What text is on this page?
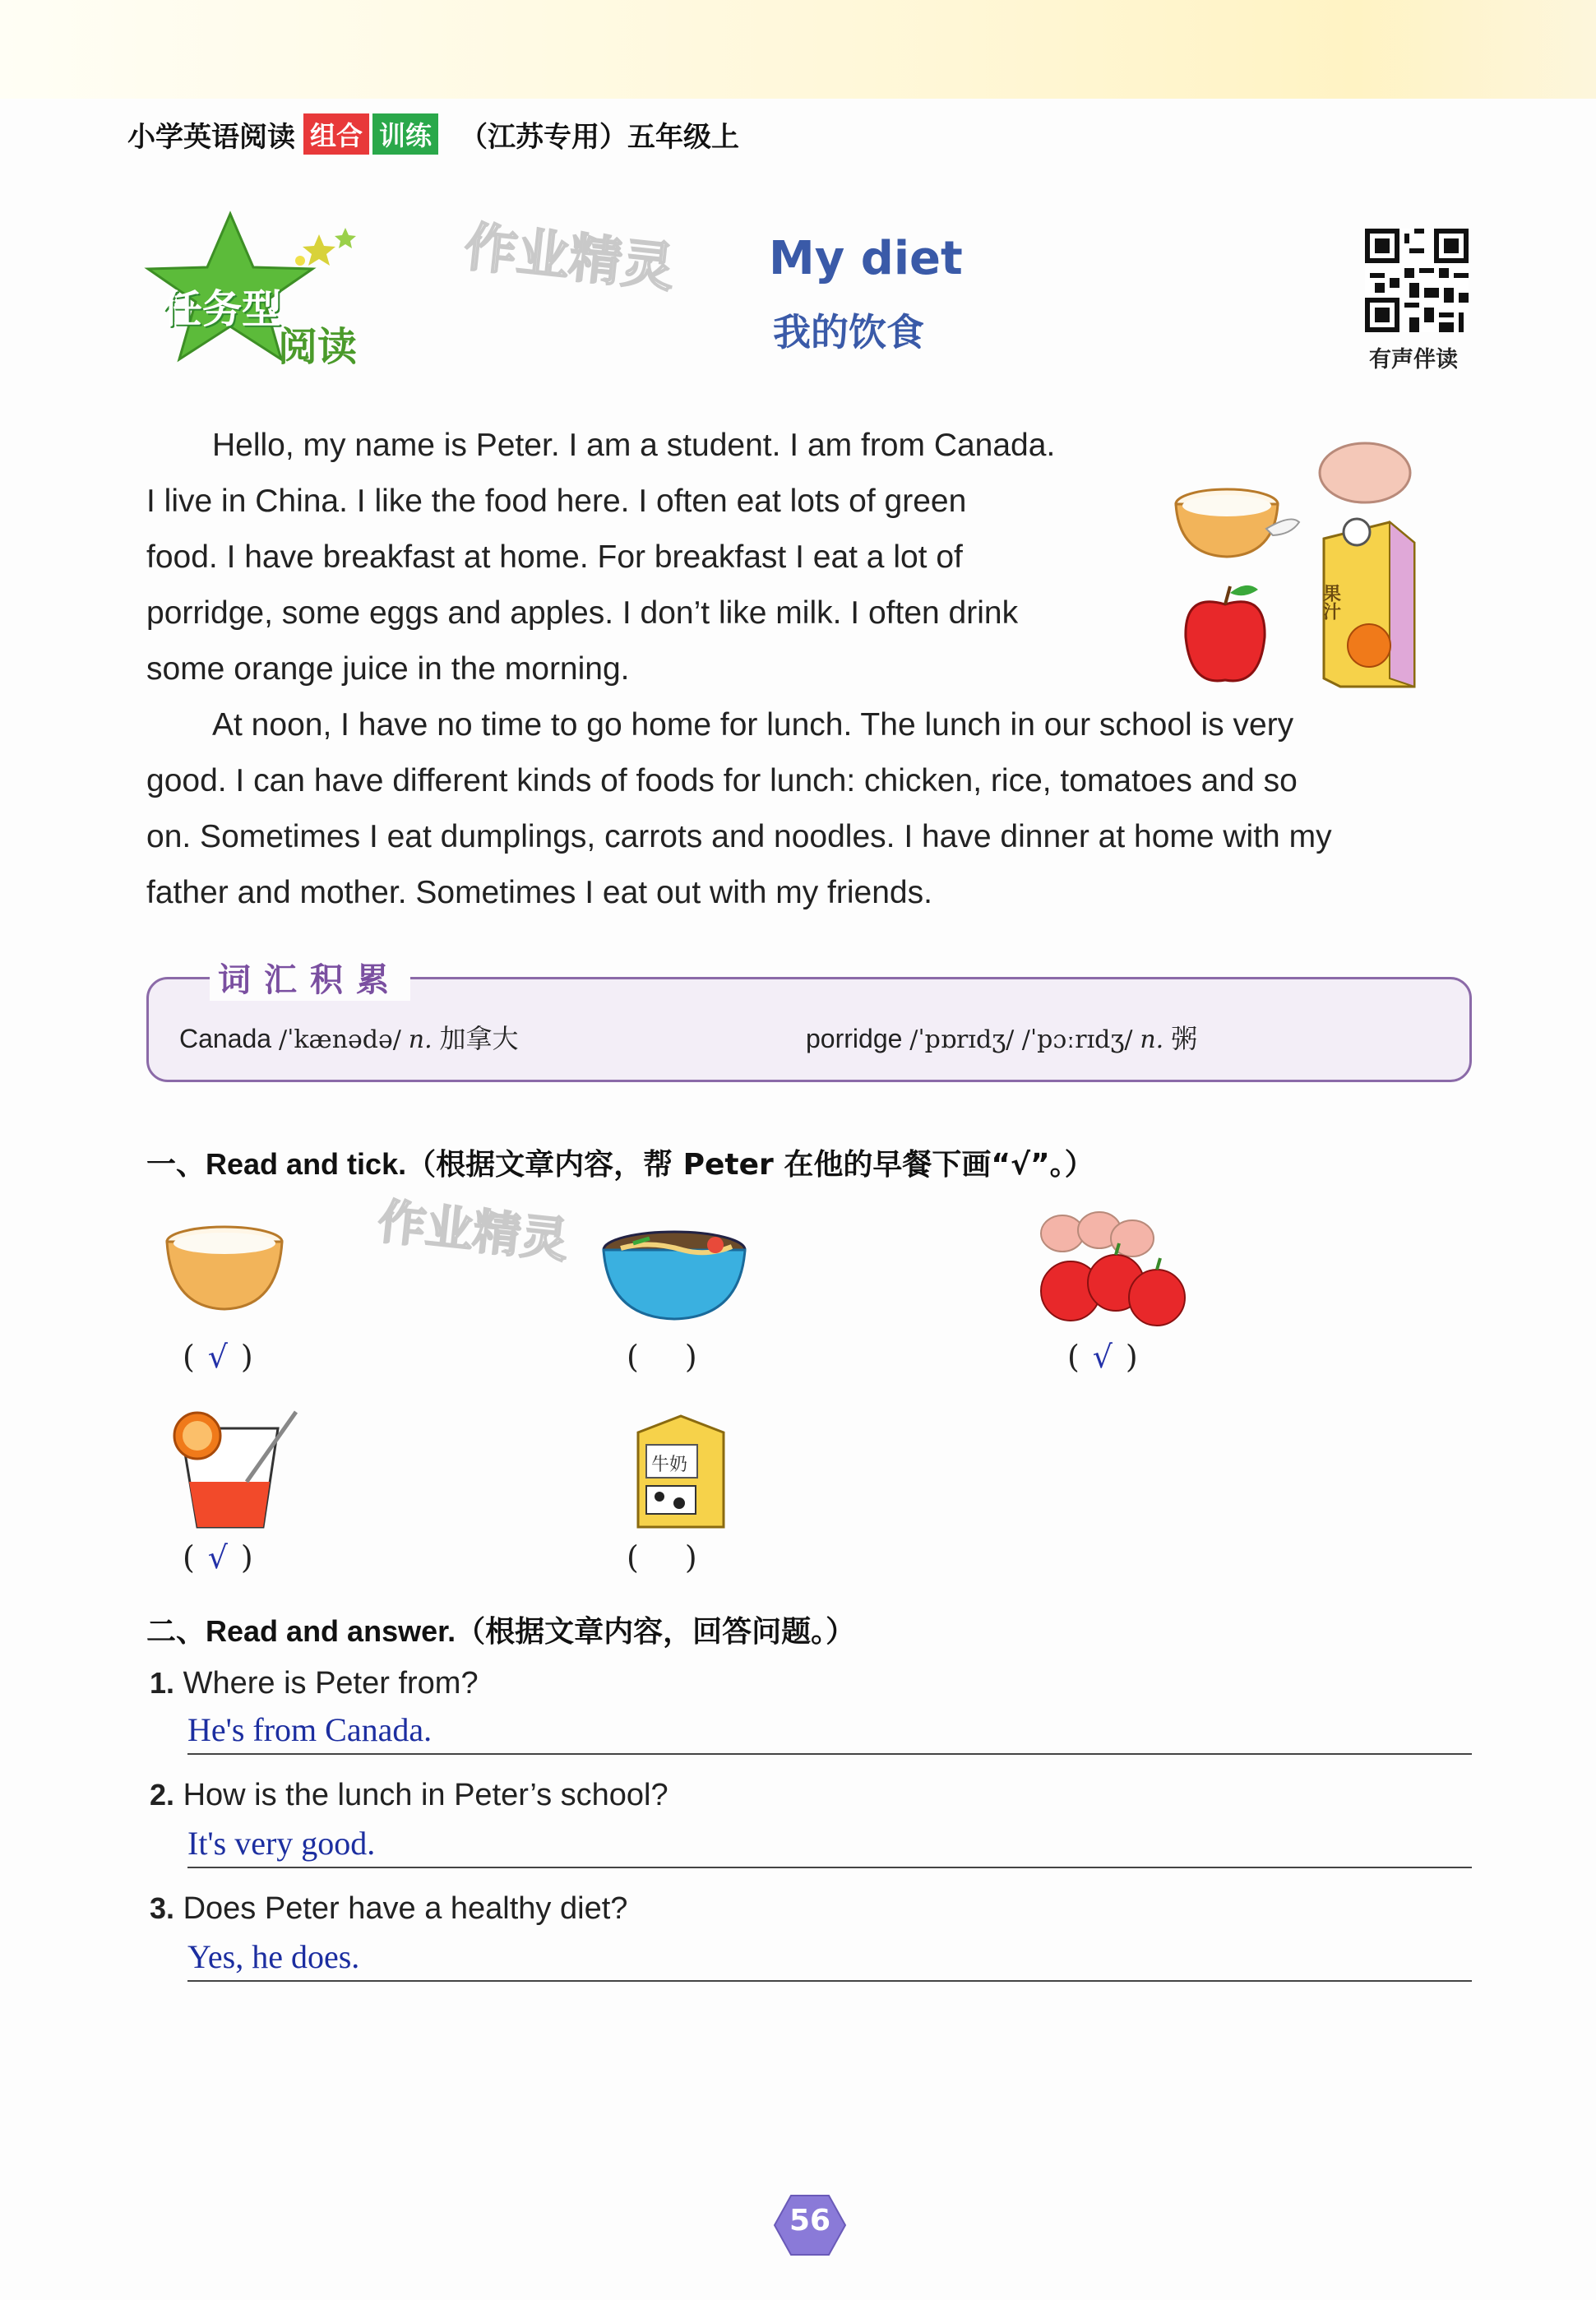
小学英语阅读 组合 训练 （江苏专用）五年级上
任务型
阅读
作业精灵 My diet
我的饮食
有声伴读
Hello, my name is Peter. I am a student. I am from Canada.
I live in China. I like the food here. I often eat lots of green
food. I have breakfast at home. For breakfast I eat a lot of
porridge, some eggs and apples. I don’t like milk. I often drink
some orange juice in the morning.
At noon, I have no time to go home for lunch. The lunch in our school is very
good. I can have different kinds of foods for lunch: chicken, rice, tomatoes and so
on. Sometimes I eat dumplings, carrots and noodles. I have dinner at home with my
father and mother. Sometimes I eat out with my friends.
果汁
词汇积累
Canada /ˈkænədə/ n. 加拿大	porridge /ˈpɒrɪdʒ/ /ˈpɔːrɪdʒ/ n. 粥
一、Read and tick.（根据文章内容，帮 Peter 在他的早餐下画“√”。）
作业精灵
( √ )	( )	( √ )
( √ )
牛奶
( )
二、Read and answer.（根据文章内容，回答问题。）
1. Where is Peter from?
He's from Canada.
2. How is the lunch in Peter’s school?
It's very good.
3. Does Peter have a healthy diet?
Yes, he does.
56
